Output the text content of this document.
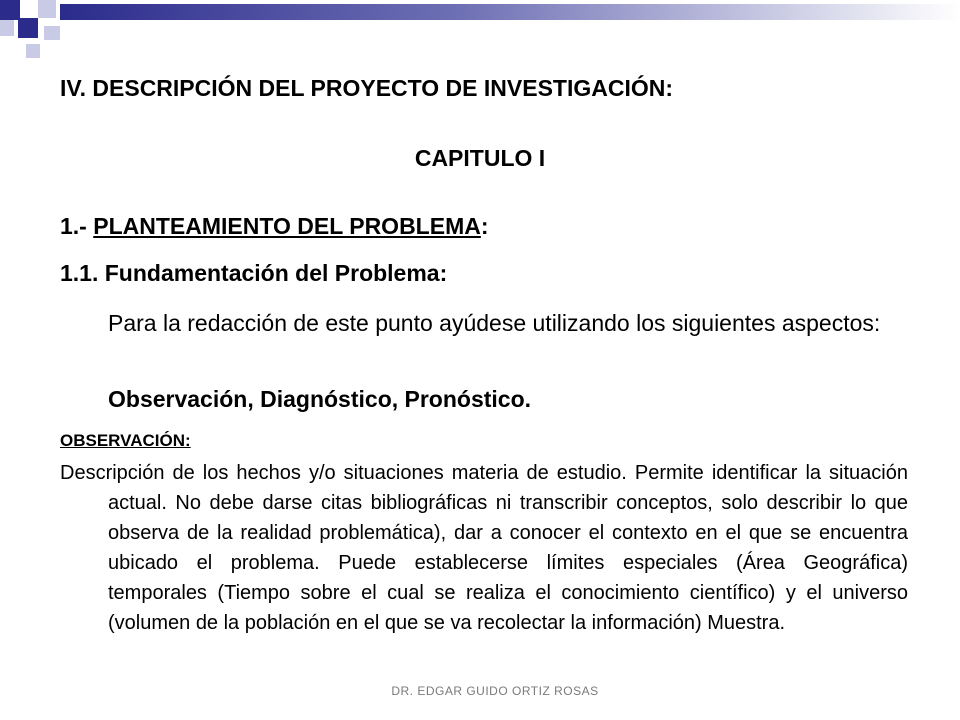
IV. DESCRIPCIÓN DEL PROYECTO DE INVESTIGACIÓN:

CAPITULO I

1.- PLANTEAMIENTO DEL PROBLEMA:

1.1. Fundamentación del Problema:

Para la redacción de este punto ayúdese utilizando los siguientes aspectos:

Observación, Diagnóstico, Pronóstico.

OBSERVACIÓN:

Descripción de los hechos y/o situaciones materia de estudio. Permite identificar la situación actual. No debe darse citas bibliográficas ni transcribir conceptos, solo describir lo que observa de la realidad problemática), dar a conocer el contexto en el que se encuentra ubicado el problema. Puede establecerse límites especiales (Área Geográfica) temporales (Tiempo sobre el cual se realiza el conocimiento científico) y el universo (volumen de la población en el que se va recolectar la información) Muestra.

DR. EDGAR GUIDO ORTIZ ROSAS
